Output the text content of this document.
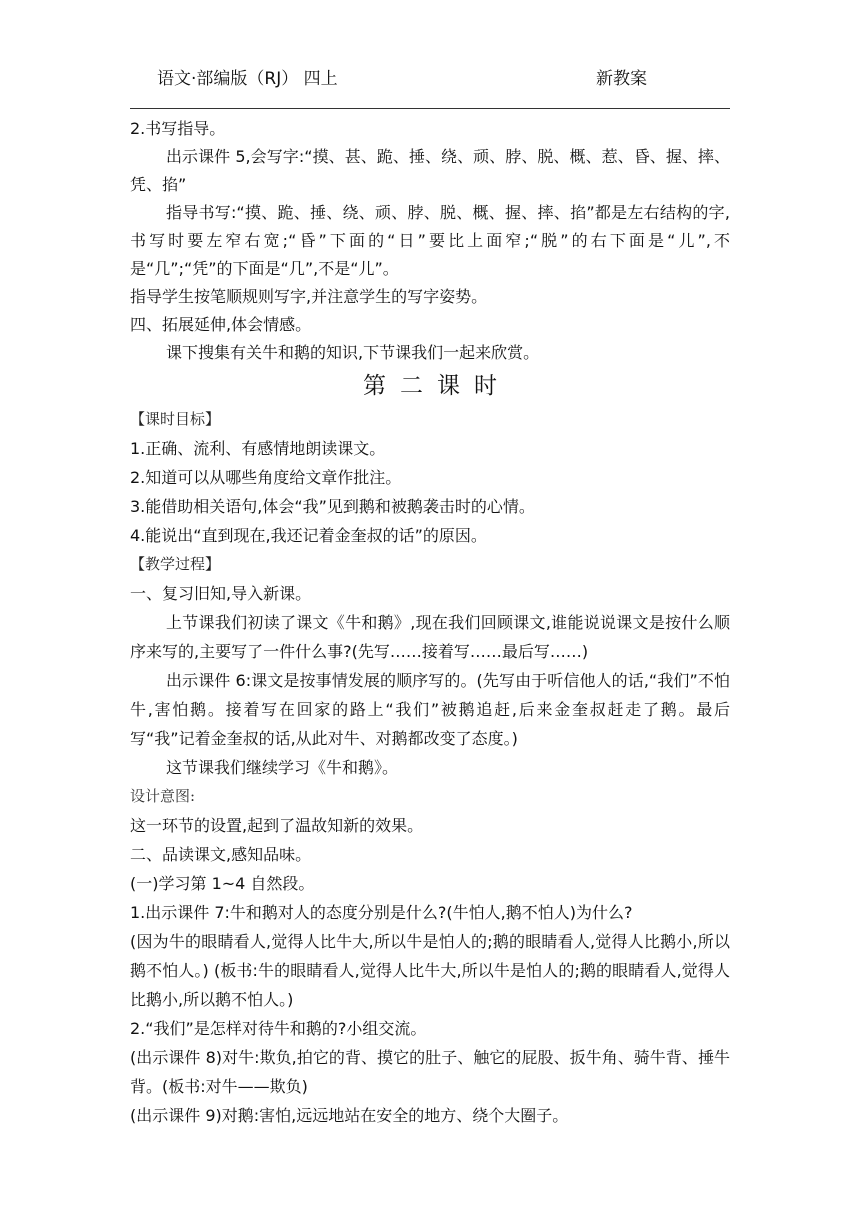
语文·部编版（RJ） 四上	新教案

2.书写指导。

出示课件 5,会写字:“摸、甚、跪、捶、绕、顽、脖、脱、概、惹、昏、握、摔、凭、掐”

指导书写:“摸、跪、捶、绕、顽、脖、脱、概、握、摔、掐”都是左右结构的字,书写时要左窄右宽;“昏”下面的“日”要比上面窄;“脱”的右下面是“儿”,不是“几”;“凭”的下面是“几”,不是“儿”。

指导学生按笔顺规则写字,并注意学生的写字姿势。

四、拓展延伸,体会情感。

课下搜集有关牛和鹅的知识,下节课我们一起来欣赏。

第二课时

【课时目标】

1.正确、流利、有感情地朗读课文。

2.知道可以从哪些角度给文章作批注。

3.能借助相关语句,体会“我”见到鹅和被鹅袭击时的心情。

4.能说出“直到现在,我还记着金奎叔的话”的原因。

【教学过程】

一、复习旧知,导入新课。

上节课我们初读了课文《牛和鹅》,现在我们回顾课文,谁能说说课文是按什么顺序来写的,主要写了一件什么事?(先写……接着写……最后写……)

出示课件 6:课文是按事情发展的顺序写的。(先写由于听信他人的话,“我们”不怕牛,害怕鹅。接着写在回家的路上“我们”被鹅追赶,后来金奎叔赶走了鹅。最后写“我”记着金奎叔的话,从此对牛、对鹅都改变了态度。)

这节课我们继续学习《牛和鹅》。

设计意图:

这一环节的设置,起到了温故知新的效果。

二、品读课文,感知品味。

(一)学习第 1~4 自然段。

1.出示课件 7:牛和鹅对人的态度分别是什么?(牛怕人,鹅不怕人)为什么?

(因为牛的眼睛看人,觉得人比牛大,所以牛是怕人的;鹅的眼睛看人,觉得人比鹅小,所以鹅不怕人。) (板书:牛的眼睛看人,觉得人比牛大,所以牛是怕人的;鹅的眼睛看人,觉得人比鹅小,所以鹅不怕人。)

2.“我们”是怎样对待牛和鹅的?小组交流。

(出示课件 8)对牛:欺负,拍它的背、摸它的肚子、触它的屁股、扳牛角、骑牛背、捶牛背。(板书:对牛——欺负)

(出示课件 9)对鹅:害怕,远远地站在安全的地方、绕个大圈子。
